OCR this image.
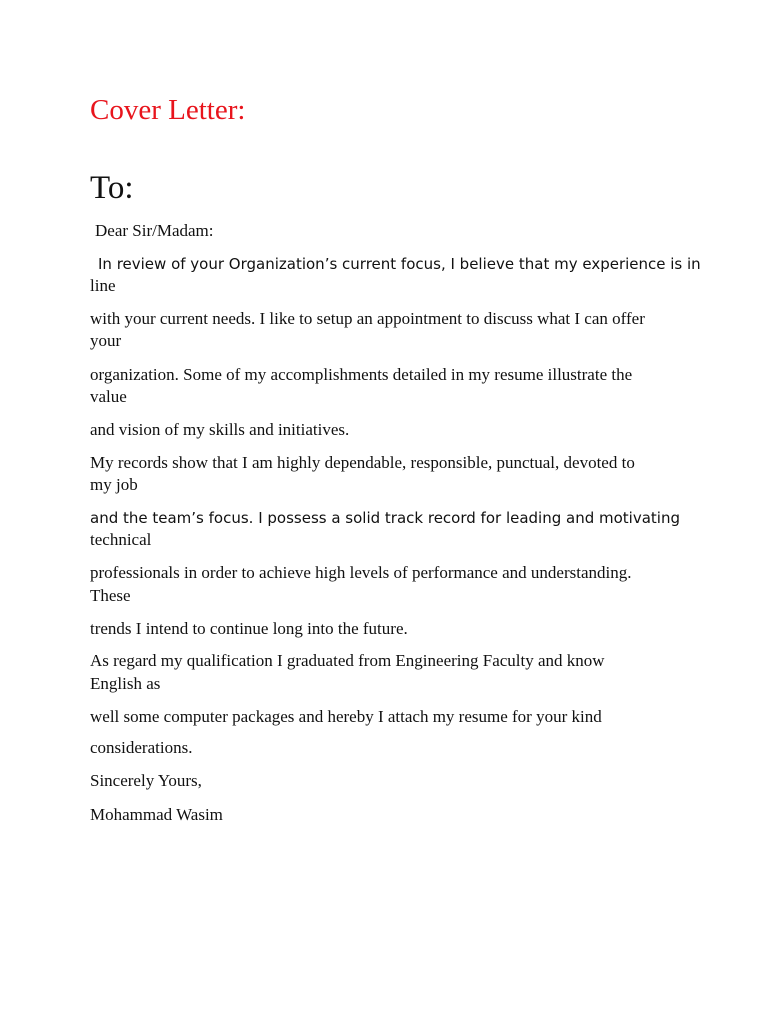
Cover Letter:
To:

Dear Sir/Madam:

In review of your Organization’s current focus, I believe that my experience is in

line

with your current needs. I like to setup an appointment to discuss what I can offer

your

organization. Some of my accomplishments detailed in my resume illustrate the

value

and vision of my skills and initiatives.

My records show that I am highly dependable, responsible, punctual, devoted to

my job

and the team’s focus. I possess a solid track record for leading and motivating

technical

professionals in order to achieve high levels of performance and understanding.

These

trends I intend to continue long into the future.

As regard my qualification I graduated from Engineering Faculty and know

English as

well some computer packages and hereby I attach my resume for your kind

considerations.

Sincerely Yours,

Mohammad Wasim
